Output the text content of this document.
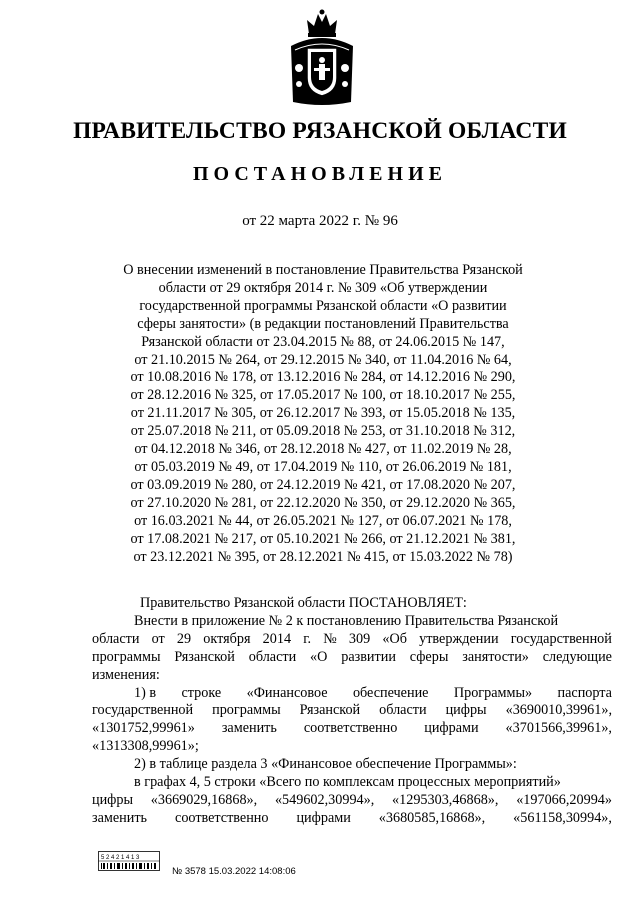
ПРАВИТЕЛЬСТВО РЯЗАНСКОЙ ОБЛАСТИ
ПОСТАНОВЛЕНИЕ
от 22 марта 2022 г. № 96
О внесении изменений в постановление Правительства Рязанской
области от 29 октября 2014 г. № 309 «Об утверждении
государственной программы Рязанской области «О развитии
сферы занятости» (в редакции постановлений Правительства
Рязанской области от 23.04.2015 № 88, от 24.06.2015 № 147,
от 21.10.2015 № 264, от 29.12.2015 № 340, от 11.04.2016 № 64,
от 10.08.2016 № 178, от 13.12.2016 № 284, от 14.12.2016 № 290,
от 28.12.2016 № 325, от 17.05.2017 № 100, от 18.10.2017 № 255,
от 21.11.2017 № 305, от 26.12.2017 № 393, от 15.05.2018 № 135,
от 25.07.2018 № 211, от 05.09.2018 № 253, от 31.10.2018 № 312,
от 04.12.2018 № 346, от 28.12.2018 № 427, от 11.02.2019 № 28,
от 05.03.2019 № 49, от 17.04.2019 № 110, от 26.06.2019 № 181,
от 03.09.2019 № 280, от 24.12.2019 № 421, от 17.08.2020 № 207,
от 27.10.2020 № 281, от 22.12.2020 № 350, от 29.12.2020 № 365,
от 16.03.2021 № 44, от 26.05.2021 № 127, от 06.07.2021 № 178,
от 17.08.2021 № 217, от 05.10.2021 № 266, от 21.12.2021 № 381,
от 23.12.2021 № 395, от 28.12.2021 № 415, от 15.03.2022 № 78)
Правительство Рязанской области ПОСТАНОВЛЯЕТ:
Внести в приложение № 2 к постановлению Правительства Рязанской
области от 29 октября 2014 г. № 309 «Об утверждении государственной
программы Рязанской области «О развитии сферы занятости» следующие
изменения:
1) в строке «Финансовое обеспечение Программы» паспорта
государственной программы Рязанской области цифры «3690010,39961»,
«1301752,99961» заменить соответственно цифрами «3701566,39961»,
«1313308,99961»;
2) в таблице раздела 3 «Финансовое обеспечение Программы»:
в графах 4, 5 строки «Всего по комплексам процессных мероприятий»
цифры «3669029,16868», «549602,30994», «1295303,46868», «197066,20994»
заменить соответственно цифрами «3680585,16868», «561158,30994»,
5 2 4 2 1 4 1 3
№ 3578 15.03.2022 14:08:06
